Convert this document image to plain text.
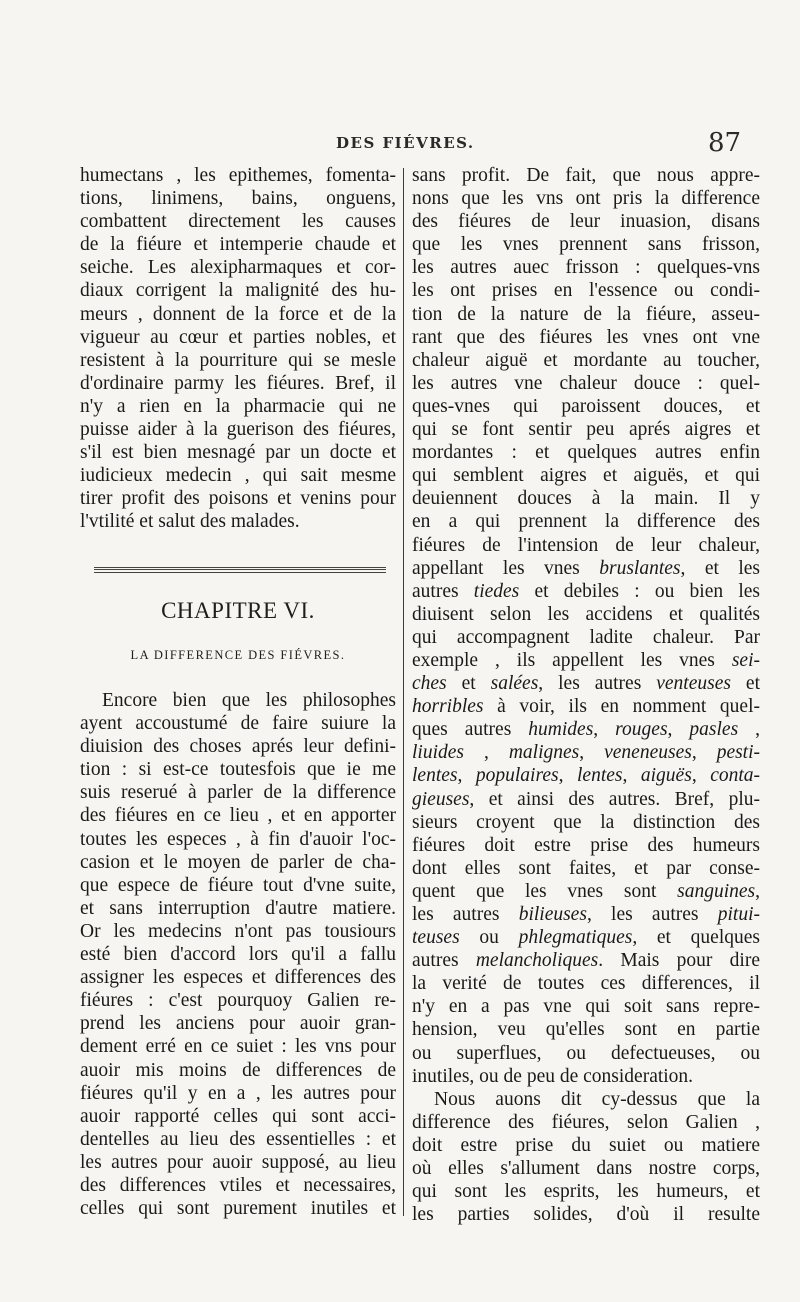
DES FIÉVRES.	87
humectans , les epithemes, fomenta-
tions, linimens, bains, onguens,
combattent directement les causes
de la fiéure et intemperie chaude et
seiche. Les alexipharmaques et cor-
diaux corrigent la malignité des hu-
meurs , donnent de la force et de la
vigueur au cœur et parties nobles, et
resistent à la pourriture qui se mesle
d'ordinaire parmy les fiéures. Bref, il
n'y a rien en la pharmacie qui ne
puisse aider à la guerison des fiéures,
s'il est bien mesnagé par un docte et
iudicieux medecin , qui sait mesme
tirer profit des poisons et venins pour
l'vtilité et salut des malades.
CHAPITRE VI.
LA DIFFERENCE DES FIÉVRES.
Encore bien que les philosophes
ayent accoustumé de faire suiure la
diuision des choses aprés leur defini-
tion : si est-ce toutesfois que ie me
suis reserué à parler de la difference
des fiéures en ce lieu , et en apporter
toutes les especes , à fin d'auoir l'oc-
casion et le moyen de parler de cha-
que espece de fiéure tout d'vne suite,
et sans interruption d'autre matiere.
Or les medecins n'ont pas tousiours
esté bien d'accord lors qu'il a fallu
assigner les especes et differences des
fiéures : c'est pourquoy Galien re-
prend les anciens pour auoir gran-
dement erré en ce suiet : les vns pour
auoir mis moins de differences de
fiéures qu'il y en a , les autres pour
auoir rapporté celles qui sont acci-
dentelles au lieu des essentielles : et
les autres pour auoir supposé, au lieu
des differences vtiles et necessaires,
celles qui sont purement inutiles et
sans profit. De fait, que nous appre-
nons que les vns ont pris la difference
des fiéures de leur inuasion, disans
que les vnes prennent sans frisson,
les autres auec frisson : quelques-vns
les ont prises en l'essence ou condi-
tion de la nature de la fiéure, asseu-
rant que des fiéures les vnes ont vne
chaleur aiguë et mordante au toucher,
les autres vne chaleur douce : quel-
ques-vnes qui paroissent douces, et
qui se font sentir peu aprés aigres et
mordantes : et quelques autres enfin
qui semblent aigres et aiguës, et qui
deuiennent douces à la main. Il y
en a qui prennent la difference des
fiéures de l'intension de leur chaleur,
appellant les vnes bruslantes, et les
autres tiedes et debiles : ou bien les
diuisent selon les accidens et qualités
qui accompagnent ladite chaleur. Par
exemple , ils appellent les vnes sei-
ches et salées, les autres venteuses et
horribles à voir, ils en nomment quel-
ques autres humides, rouges, pasles ,
liuides , malignes, veneneuses, pesti-
lentes, populaires, lentes, aiguës, conta-
gieuses, et ainsi des autres. Bref, plu-
sieurs croyent que la distinction des
fiéures doit estre prise des humeurs
dont elles sont faites, et par conse-
quent que les vnes sont sanguines,
les autres bilieuses, les autres pitui-
teuses ou phlegmatiques, et quelques
autres melancholiques. Mais pour dire
la verité de toutes ces differences, il
n'y en a pas vne qui soit sans repre-
hension, veu qu'elles sont en partie
ou superflues, ou defectueuses, ou
inutiles, ou de peu de consideration.
Nous auons dit cy-dessus que la
difference des fiéures, selon Galien ,
doit estre prise du suiet ou matiere
où elles s'allument dans nostre corps,
qui sont les esprits, les humeurs, et
les parties solides, d'où il resulte
